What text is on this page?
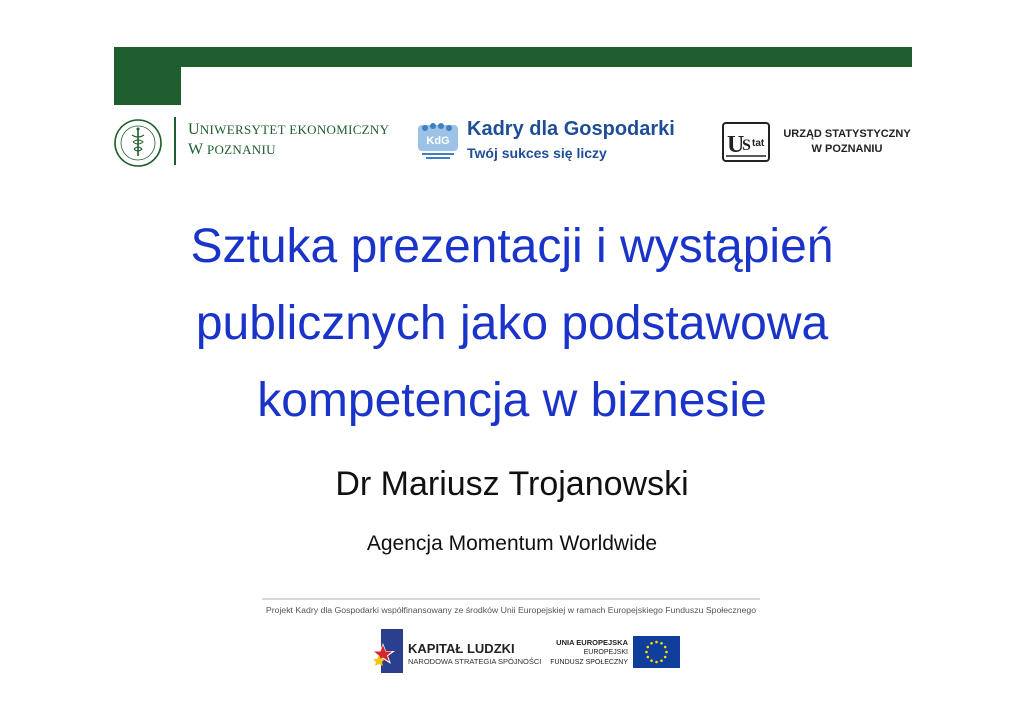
UNIWERSYTET EKONOMICZNY
W POZNANIU
KdG
Kadry dla Gospodarki
Twój sukces się liczy	U
S tat
URZĄD STATYSTYCZNY
W POZNANIU
Sztuka prezentacji i wystąpień
publicznych jako podstawowa
kompetencja w biznesie
Dr Mariusz Trojanowski
Agencja Momentum Worldwide
Projekt Kadry dla Gospodarki współfinansowany ze środków Unii Europejskiej w ramach Europejskiego Funduszu Społecznego
KAPITAŁ LUDZKI
NARODOWA STRATEGIA SPÓJNOŚCI
UNIA EUROPEJSKA
EUROPEJSKI
FUNDUSZ SPOŁECZNY
